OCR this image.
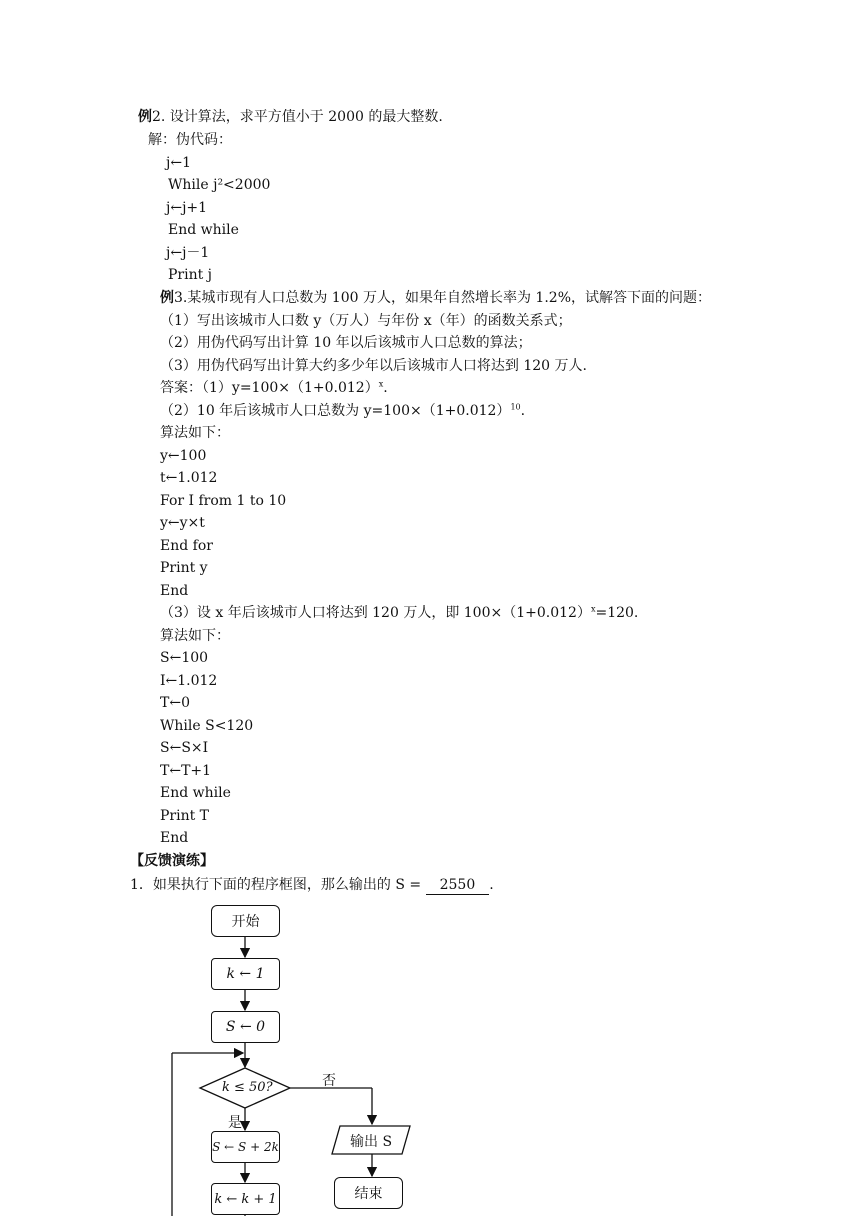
例2. 设计算法，求平方值小于 2000 的最大整数.
解：伪代码：
j←1
While j²<2000
j←j+1
End while
j←j－1
Print j
例3.某城市现有人口总数为 100 万人，如果年自然增长率为 1.2%，试解答下面的问题：
（1）写出该城市人口数 y（万人）与年份 x（年）的函数关系式；
（2）用伪代码写出计算 10 年以后该城市人口总数的算法；
（3）用伪代码写出计算大约多少年以后该城市人口将达到 120 万人.
答案：$(1)y=100\times(1+0.012)^x$.
（2）10 年后该城市人口总数为 $y=100\times(1+0.012)^{10}$.
算法如下：
y←100
t←1.012
For I from 1 to 10
y←y×t
End for
Print y
End
（3）设 x 年后该城市人口将达到 120 万人，即 $100\times(1+0.012)^x=120$.
算法如下：
S←100
I←1.012
T←0
While S<120
S←S×I
T←T+1
End while
Print T
End
【反馈演练】
1．如果执行下面的程序框图，那么输出的 S = 2550 .
开始
k ← 1
S ← 0
k ≤ 50?	否
是
S ← S + 2k	输出 S
k ← k + 1	结束
